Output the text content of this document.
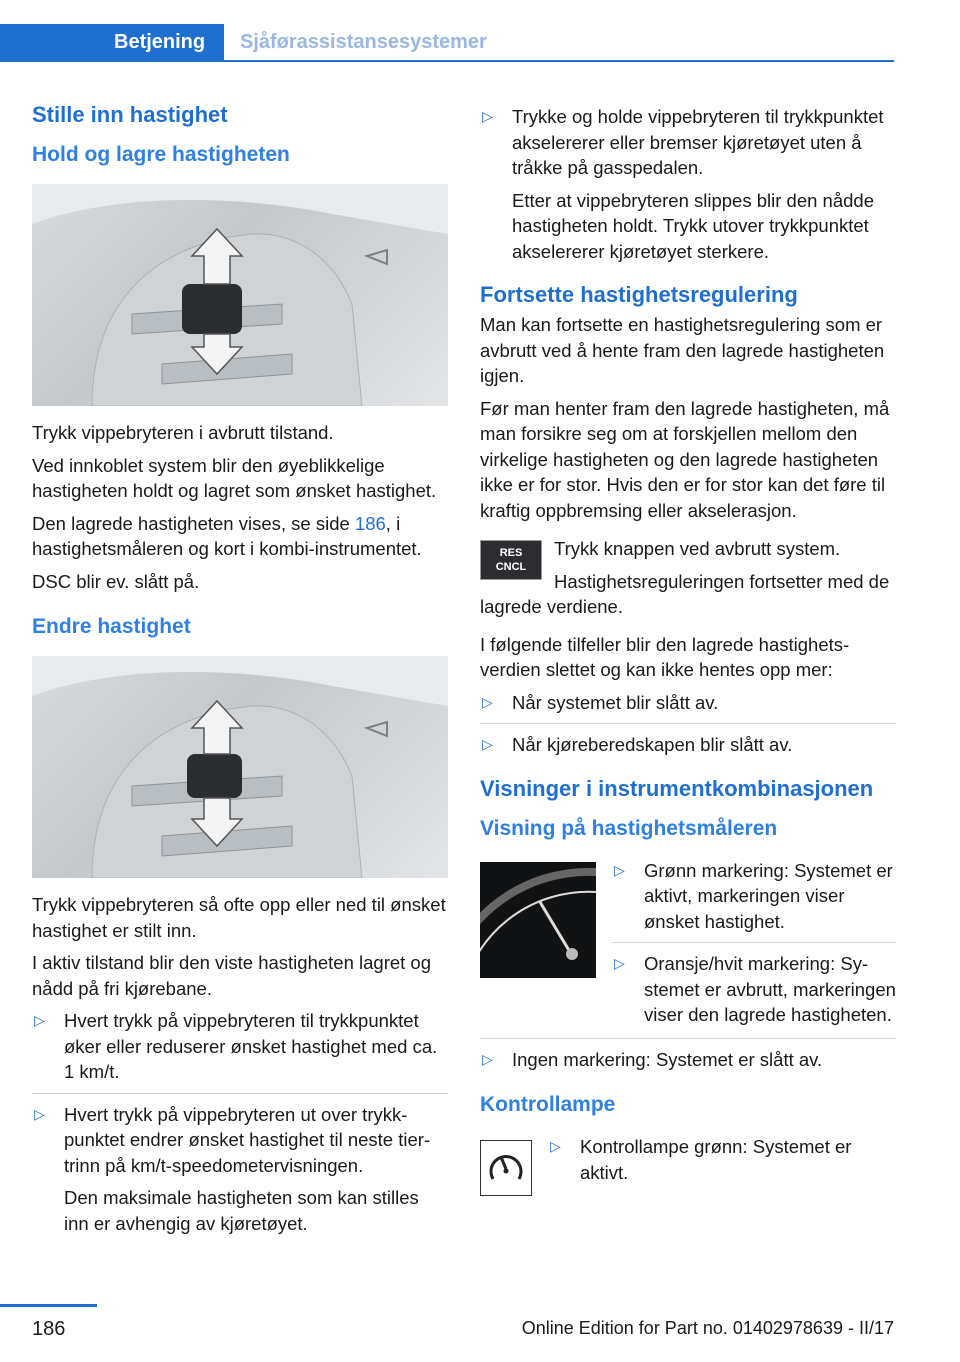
Betjening	Sjåførassistansesystemer
Stille inn hastighet
Hold og lagre hastigheten

Trykk vippebryteren i avbrutt tilstand.

Ved innkoblet system blir den øyeblikkelige hastigheten holdt og lagret som ønsket hastighet.

Den lagrede hastigheten vises, se side 186, i hastighetsmåleren og kort i kombi-instrumentet.

DSC blir ev. slått på.

Endre hastighet

Trykk vippebryteren så ofte opp eller ned til ønsket hastighet er stilt inn.

I aktiv tilstand blir den viste hastigheten lagret og nådd på fri kjørebane.

▷ Hvert trykk på vippebryteren til trykkpunktet øker eller reduserer ønsket hastighet med ca. 1 km/t.
▷ Hvert trykk på vippebryteren ut over trykkpunktet endrer ønsket hastighet til neste tier-trinn på km/t-speedometervisningen.
Den maksimale hastigheten som kan stilles inn er avhengig av kjøretøyet.
▷ Trykke og holde vippebryteren til trykkpunktet akselererer eller bremser kjøretøyet uten å tråkke på gasspedalen.
Etter at vippebryteren slippes blir den nådde hastigheten holdt. Trykk utover trykkpunktet akselererer kjøretøyet sterkere.
Fortsette hastighetsregulering

Man kan fortsette en hastighetsregulering som er avbrutt ved å hente fram den lagrede hastigheten igjen.

Før man henter fram den lagrede hastigheten, må man forsikre seg om at forskjellen mellom den virkelige hastigheten og den lagrede hastigheten ikke er for stor. Hvis den er for stor kan det føre til kraftig oppbremsing eller akselerasjon.

RES
CNCL

Trykk knappen ved avbrutt system.

Hastighetsreguleringen fortsetter med de lagrede verdiene.

I følgende tilfeller blir den lagrede hastighetsverdien slettet og kan ikke hentes opp mer:

▷ Når systemet blir slått av.
▷ Når kjøreberedskapen blir slått av.
Visninger i instrumentkombinasjonen
Visning på hastighetsmåleren
▷ Grønn markering: Systemet er aktivt, markeringen viser ønsket hastighet.
▷ Oransje/hvit markering: Systemet er avbrutt, markeringen viser den lagrede hastigheten.
▷ Ingen markering: Systemet er slått av.
Kontrollampe
▷ Kontrollampe grønn: Systemet er aktivt.
186	Online Edition for Part no. 01402978639 - II/17
